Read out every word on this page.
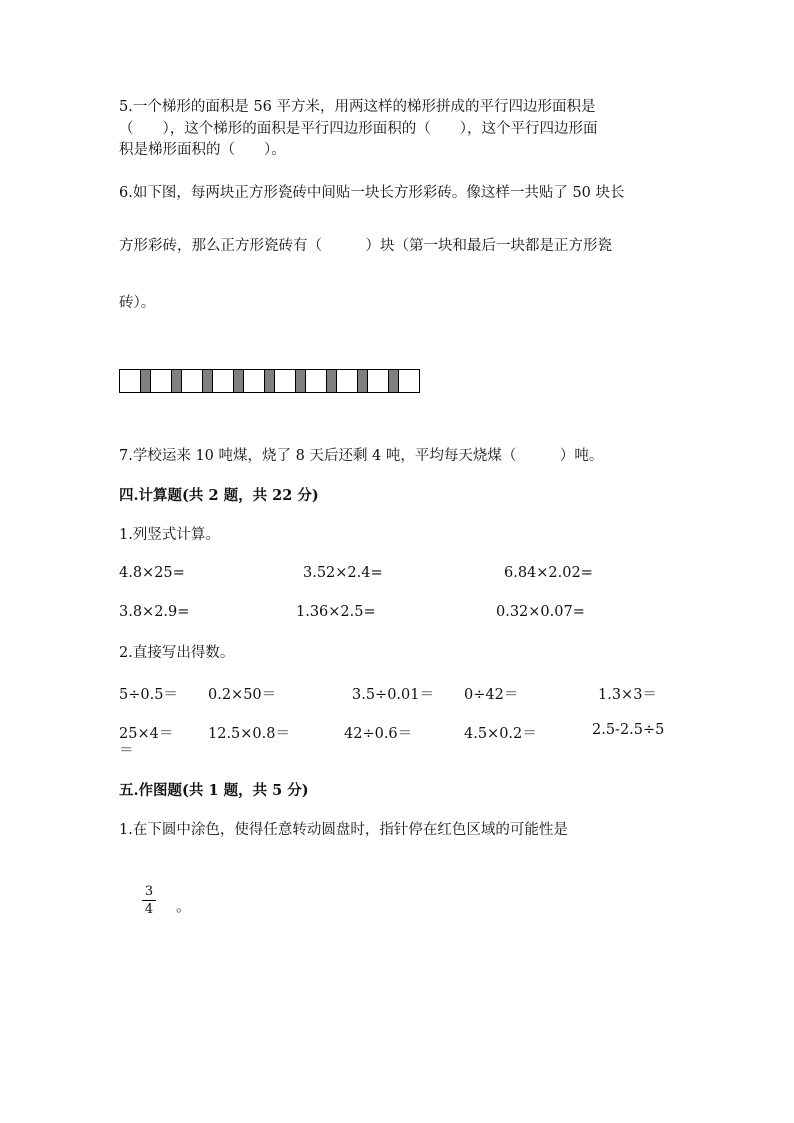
5.一个梯形的面积是 56 平方米，用两这样的梯形拼成的平行四边形面积是
（　　），这个梯形的面积是平行四边形面积的（　　），这个平行四边形面
积是梯形面积的（　　）。
6.如下图，每两块正方形瓷砖中间贴一块长方形彩砖。像这样一共贴了 50 块长
方形彩砖，那么正方形瓷砖有（　　　）块（第一块和最后一块都是正方形瓷
砖）。
7.学校运来 10 吨煤，烧了 8 天后还剩 4 吨，平均每天烧煤（　　　）吨。
四.计算题(共 2 题，共 22 分)
1.列竖式计算。
4.8×25=	3.52×2.4=	6.84×2.02=
3.8×2.9=	1.36×2.5=	0.32×0.07=
2.直接写出得数。
5÷0.5＝ 0.2×50＝	3.5÷0.01＝ 0÷42＝	1.3×3＝
25×4＝ 12.5×0.8＝	42÷0.6＝	4.5×0.2＝	2.5-2.5÷5
＝
五.作图题(共 1 题，共 5 分)
1.在下圆中涂色，使得任意转动圆盘时，指针停在红色区域的可能性是
3
4 。
